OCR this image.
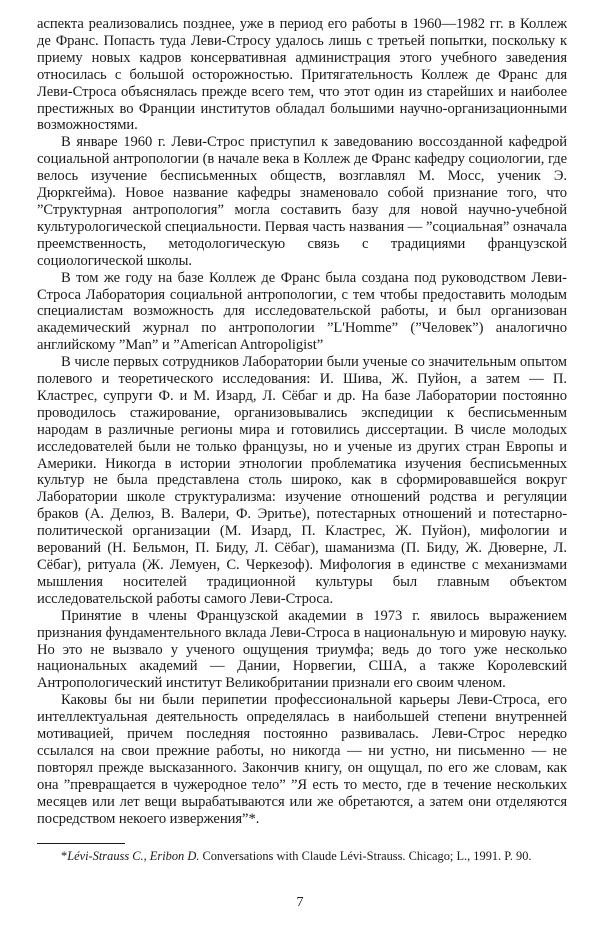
аспекта реализовались позднее, уже в период его работы в 1960—1982 гг. в Коллеж де Франс. Попасть туда Леви-Стросу удалось лишь с третьей попытки, поскольку к приему новых кадров консервативная администрация этого учебного заведения относилась с большой осторожностью. Притягательность Коллеж де Франс для Леви-Строса объяснялась прежде всего тем, что этот один из старейших и наиболее престижных во Франции институтов обладал большими научно-организационными возможностями.

В январе 1960 г. Леви-Строс приступил к заведованию воссозданной кафедрой социальной антропологии (в начале века в Коллеж де Франс кафедру социологии, где велось изучение бесписьменных обществ, возглавлял М. Мосс, ученик Э. Дюркгейма). Новое название кафедры знаменовало собой признание того, что ”Структурная антропология” могла составить базу для новой научно-учебной культурологической специальности. Первая часть названия — ”социальная” означала преемственность, методологическую связь с традициями французской социологической школы.

В том же году на базе Коллеж де Франс была создана под руководством Леви-Строса Лаборатория социальной антропологии, с тем чтобы предоставить молодым специалистам возможность для исследовательской работы, и был организован академический журнал по антропологии ”L'Homme” (”Человек”) аналогично английскому ”Man” и ”American Antropoligist”

В числе первых сотрудников Лаборатории были ученые со значительным опытом полевого и теоретического исследования: И. Шива, Ж. Пуйон, а затем — П. Кластрес, супруги Ф. и М. Изард, Л. Сёбаг и др. На базе Лаборатории постоянно проводилось стажирование, организовывались экспедиции к бесписьменным народам в различные регионы мира и готовились диссертации. В числе молодых исследователей были не только французы, но и ученые из других стран Европы и Америки. Никогда в истории этнологии проблематика изучения бесписьменных культур не была представлена столь широко, как в сформировавшейся вокруг Лаборатории школе структурализма: изучение отношений родства и регуляции браков (А. Делюз, В. Валери, Ф. Эритье), потестарных отношений и потестарно-политической организации (М. Изард, П. Кластрес, Ж. Пуйон), мифологии и верований (Н. Бельмон, П. Биду, Л. Сёбаг), шаманизма (П. Биду, Ж. Дюверне, Л. Сёбаг), ритуала (Ж. Лемуен, С. Черкезоф). Мифология в единстве с механизмами мышления носителей традиционной культуры был главным объектом исследовательской работы самого Леви-Строса.

Принятие в члены Французской академии в 1973 г. явилось выражением признания фундаментельного вклада Леви-Строса в национальную и мировую науку. Но это не вызвало у ученого ощущения триумфа; ведь до того уже несколько национальных академий — Дании, Норвегии, США, а также Королевский Антропологический институт Великобритании признали его своим членом.

Каковы бы ни были перипетии профессиональной карьеры Леви-Строса, его интеллектуальная деятельность определялась в наибольшей степени внутренней мотивацией, причем последняя постоянно развивалась. Леви-Строс нередко ссылался на свои прежние работы, но никогда — ни устно, ни письменно — не повторял прежде высказанного. Закончив книгу, он ощущал, по его же словам, как она ”превращается в чужеродное тело” ”Я есть то место, где в течение нескольких месяцев или лет вещи вырабатываются или же обретаются, а затем они отделяются посредством некоего извержения”*.

*Lévi-Strauss C., Eribon D. Conversations with Claude Lévi-Strauss. Chicago; L., 1991. P. 90.

7
